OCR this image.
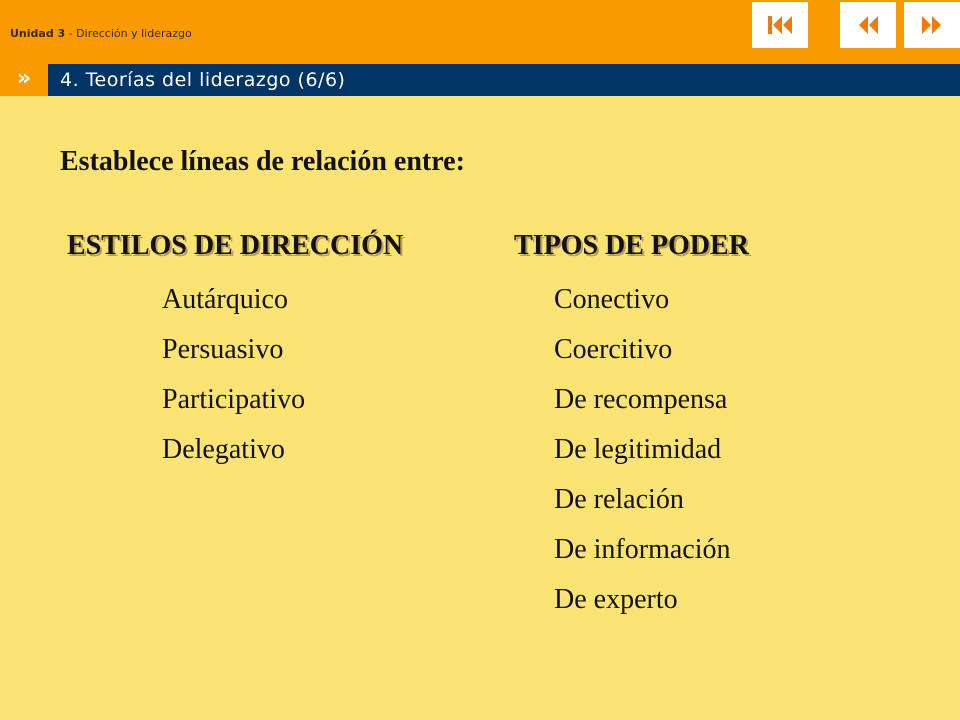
Unidad 3 - Dirección y liderazgo
»	4. Teorías del liderazgo (6/6)
Establece líneas de relación entre:
ESTILOS DE DIRECCIÓN	TIPOS DE PODER
Autárquico
Persuasivo
Participativo
Delegativo
Conectivo
Coercitivo
De recompensa
De legitimidad
De relación
De información
De experto
